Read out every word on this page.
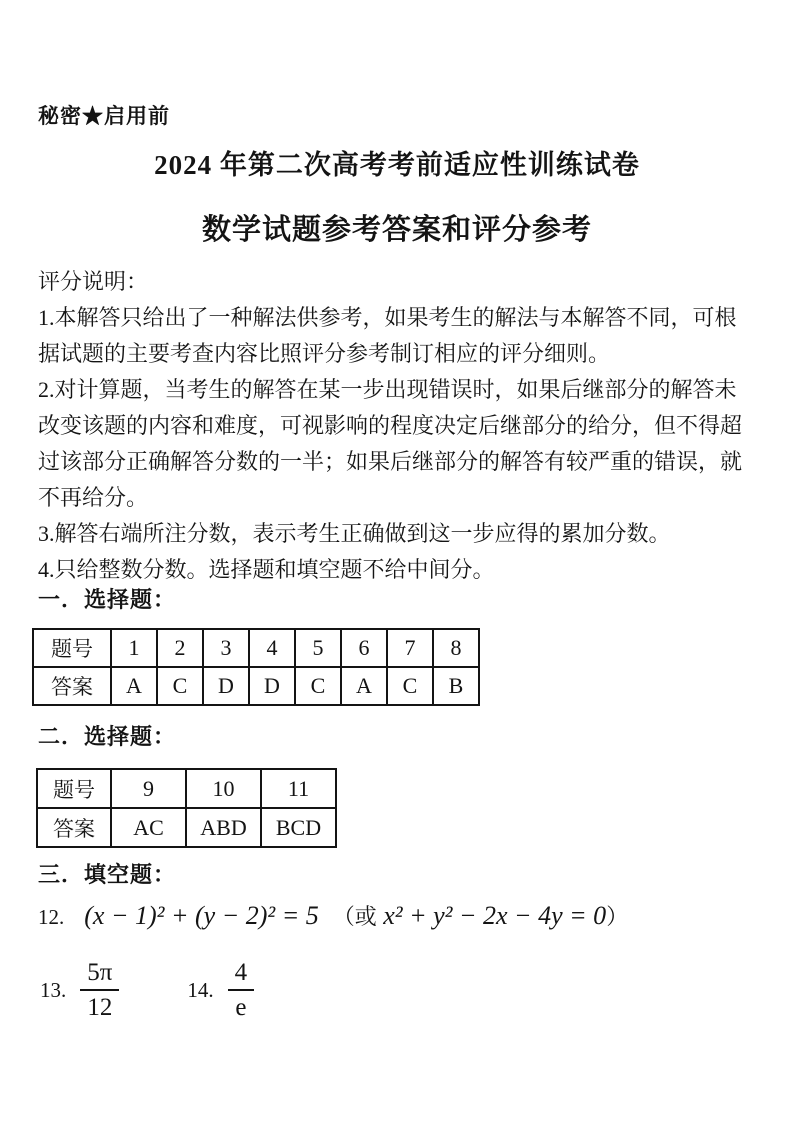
秘密★启用前
2024 年第二次高考考前适应性训练试卷
数学试题参考答案和评分参考
评分说明：
1.本解答只给出了一种解法供参考，如果考生的解法与本解答不同，可根
据试题的主要考查内容比照评分参考制订相应的评分细则。
2.对计算题，当考生的解答在某一步出现错误时，如果后继部分的解答未
改变该题的内容和难度，可视影响的程度决定后继部分的给分，但不得超
过该部分正确解答分数的一半；如果后继部分的解答有较严重的错误，就
不再给分。
3.解答右端所注分数，表示考生正确做到这一步应得的累加分数。
4.只给整数分数。选择题和填空题不给中间分。
一．选择题：
题号	1	2	3	4	5	6	7	8
答案	A	C	D	D	C	A	C	B
二．选择题：
题号	9	10	11
答案	AC	ABD	BCD
三．填空题：
12. (x − 1)² + (y − 2)² = 5 （或 x² + y² − 2x − 4y = 0）
13. $\frac{5\pi}{12}$	14. $\frac{4}{e}$
